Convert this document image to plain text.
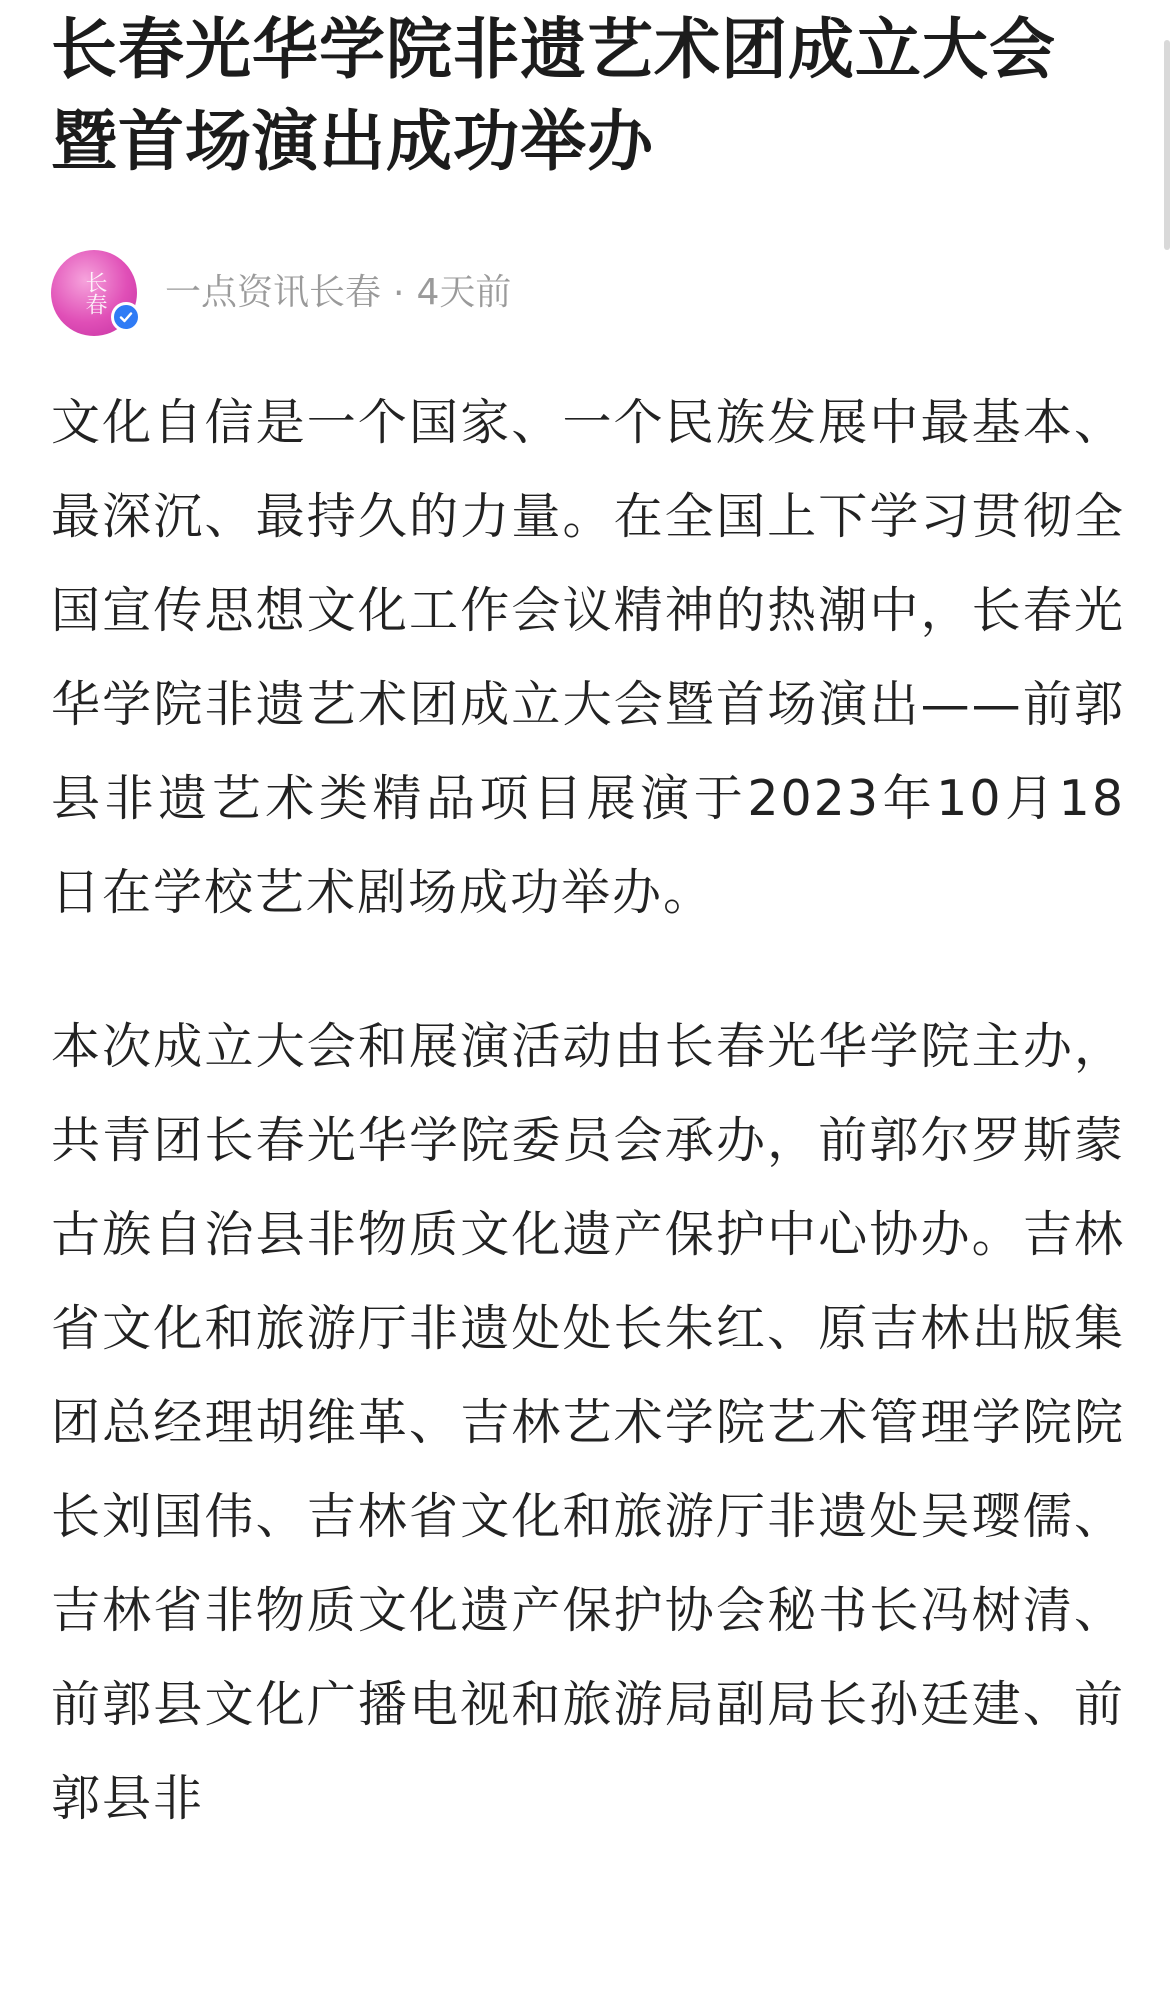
长春光华学院非遗艺术团成立大会暨首场演出成功举办
长春 一点资讯长春 · 4天前

文化自信是一个国家、一个民族发展中最基本、最深沉、最持久的力量。在全国上下学习贯彻全国宣传思想文化工作会议精神的热潮中，长春光华学院非遗艺术团成立大会暨首场演出——前郭县非遗艺术类精品项目展演于2023年10月18日在学校艺术剧场成功举办。

本次成立大会和展演活动由长春光华学院主办，共青团长春光华学院委员会承办，前郭尔罗斯蒙古族自治县非物质文化遗产保护中心协办。吉林省文化和旅游厅非遗处处长朱红、原吉林出版集团总经理胡维革、吉林艺术学院艺术管理学院院长刘国伟、吉林省文化和旅游厅非遗处吴璎儒、吉林省非物质文化遗产保护协会秘书长冯树清、前郭县文化广播电视和旅游局副局长孙廷建、前郭县非
